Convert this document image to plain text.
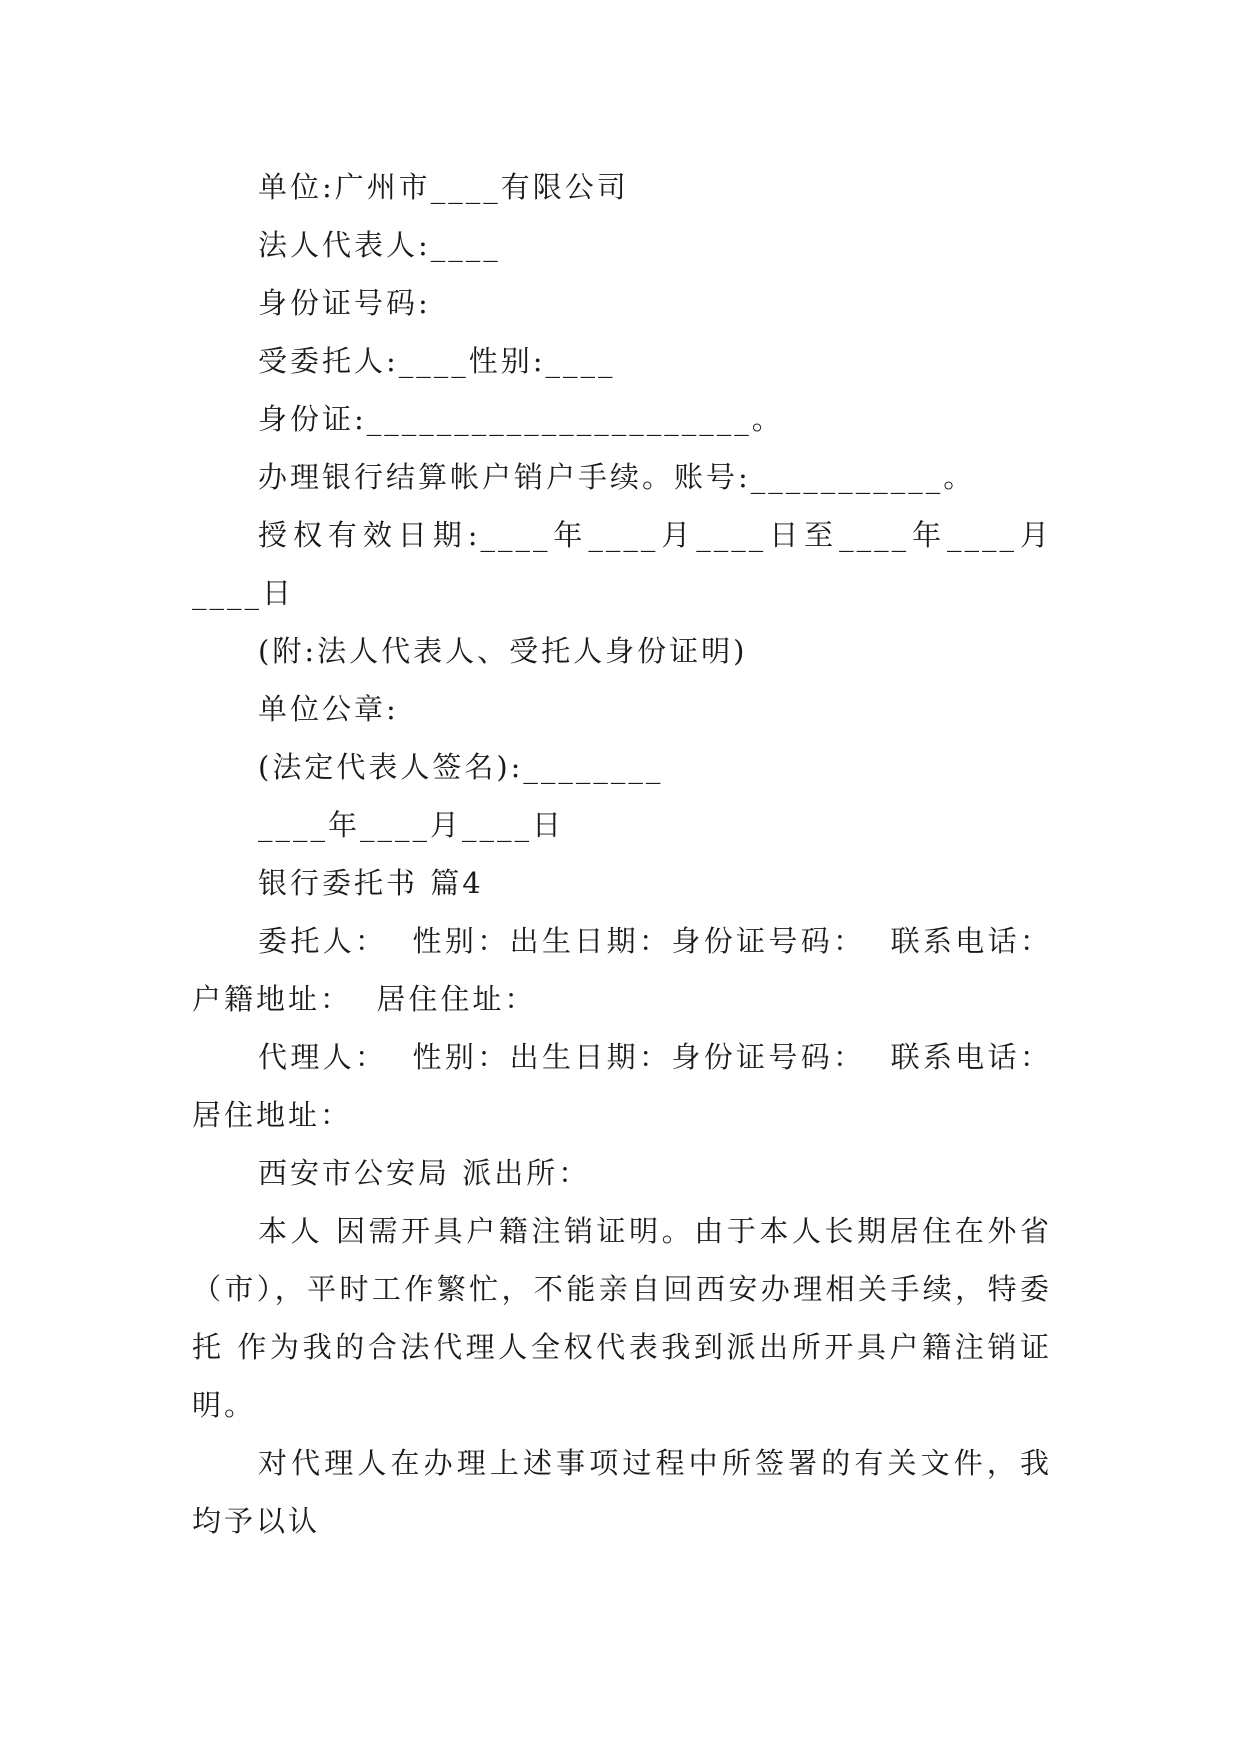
单位:广州市____有限公司

法人代表人:____

身份证号码:

受委托人:____性别:____

身份证:______________________。

办理银行结算帐户销户手续。账号:___________。

授权有效日期:____年____月____日至____年____月____日

(附:法人代表人、受托人身份证明)

单位公章:

(法定代表人签名):________

____年____月____日

银行委托书 篇4

委托人：  性别：出生日期：身份证号码：  联系电话：户籍地址：  居住住址：

代理人：  性别：出生日期：身份证号码：  联系电话：居住地址：

西安市公安局 派出所：

本人 因需开具户籍注销证明。由于本人长期居住在外省（市），平时工作繁忙，不能亲自回西安办理相关手续，特委托 作为我的合法代理人全权代表我到派出所开具户籍注销证明。

对代理人在办理上述事项过程中所签署的有关文件，我均予以认
